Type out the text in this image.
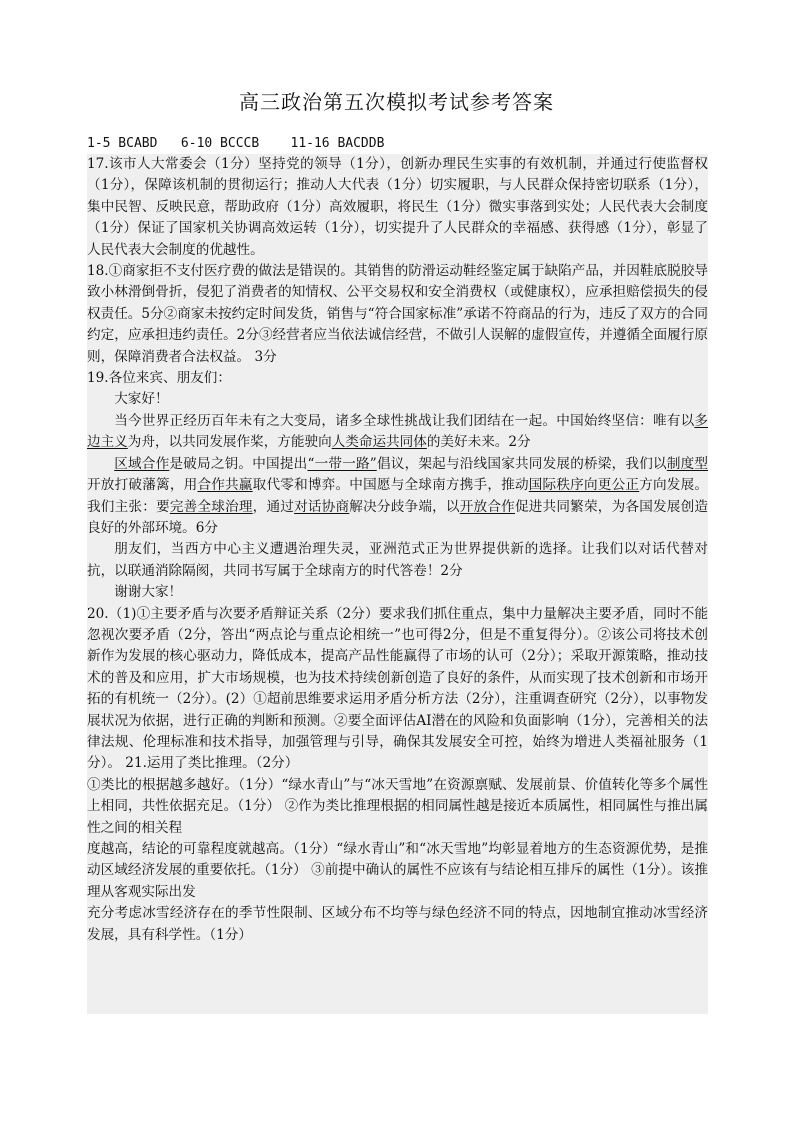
高三政治第五次模拟考试参考答案
1-5 BCABD   6-10 BCCCB    11-16 BACDDB

17.该市人大常委会（1分）坚持党的领导（1分），创新办理民生实事的有效机制，并通过行使监督权（1分），保障该机制的贯彻运行；推动人大代表（1分）切实履职，与人民群众保持密切联系（1分），集中民智、反映民意，帮助政府（1分）高效履职，将民生（1分）微实事落到实处；人民代表大会制度（1分）保证了国家机关协调高效运转（1分），切实提升了人民群众的幸福感、获得感（1分），彰显了人民代表大会制度的优越性。

18.①商家拒不支付医疗费的做法是错误的。其销售的防滑运动鞋经鉴定属于缺陷产品，并因鞋底脱胶导致小林滑倒骨折，侵犯了消费者的知情权、公平交易权和安全消费权（或健康权），应承担赔偿损失的侵权责任。5分②商家未按约定时间发货，销售与“符合国家标准”承诺不符商品的行为，违反了双方的合同约定，应承担违约责任。2分③经营者应当依法诚信经营，不做引人误解的虚假宣传，并遵循全面履行原则，保障消费者合法权益。 3分

19.各位来宾、朋友们：

大家好！

当今世界正经历百年未有之大变局，诸多全球性挑战让我们团结在一起。中国始终坚信：唯有以多边主义为舟，以共同发展作桨，方能驶向人类命运共同体的美好未来。2分

区域合作是破局之钥。中国提出“一带一路”倡议，架起与沿线国家共同发展的桥梁，我们以制度型开放打破藩篱，用合作共赢取代零和博弈。中国愿与全球南方携手，推动国际秩序向更公正方向发展。我们主张：要完善全球治理，通过对话协商解决分歧争端，以开放合作促进共同繁荣，为各国发展创造良好的外部环境。6分

朋友们，当西方中心主义遭遇治理失灵，亚洲范式正为世界提供新的选择。让我们以对话代替对抗，以联通消除隔阂，共同书写属于全球南方的时代答卷！2分

谢谢大家！

20.（1)①主要矛盾与次要矛盾辩证关系（2分）要求我们抓住重点，集中力量解决主要矛盾，同时不能忽视次要矛盾（2分，答出“两点论与重点论相统一”也可得2分，但是不重复得分）。②该公司将技术创新作为发展的核心驱动力，降低成本，提高产品性能赢得了市场的认可（2分）；采取开源策略，推动技术的普及和应用，扩大市场规模，也为技术持续创新创造了良好的条件，从而实现了技术创新和市场开拓的有机统一（2分）。(2）①超前思维要求运用矛盾分析方法（2分），注重调查研究（2分），以事物发展状况为依据，进行正确的判断和预测。②要全面评估AI潜在的风险和负面影响（1分），完善相关的法律法规、伦理标准和技术指导，加强管理与引导，确保其发展安全可控，始终为增进人类福祉服务（1分）。 21.运用了类比推理。（2分）

①类比的根据越多越好。（1分）“绿水青山”与“冰天雪地”在资源禀赋、发展前景、价值转化等多个属性上相同，共性依据充足。（1分） ②作为类比推理根据的相同属性越是接近本质属性，相同属性与推出属性之间的相关程

度越高，结论的可靠程度就越高。（1分）“绿水青山”和“冰天雪地”均彰显着地方的生态资源优势，是推动区域经济发展的重要依托。（1分） ③前提中确认的属性不应该有与结论相互排斥的属性（1分）。该推理从客观实际出发

充分考虑冰雪经济存在的季节性限制、区域分布不均等与绿色经济不同的特点，因地制宜推动冰雪经济发展，具有科学性。（1分）
